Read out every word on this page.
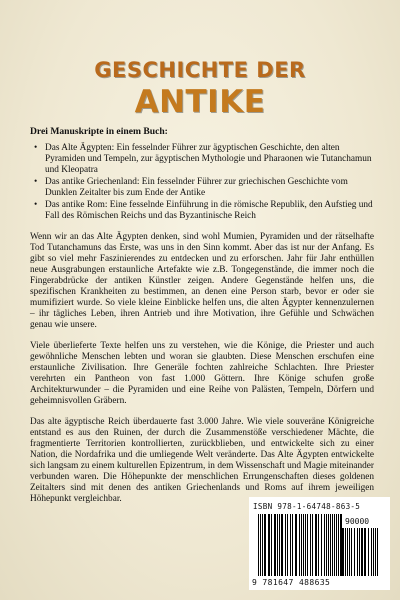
GESCHICHTE DER
ANTIKE

Drei Manuskripte in einem Buch:

• Das Alte Ägypten: Ein fesselnder Führer zur ägyptischen Geschichte, den alten Pyramiden und Tempeln, zur ägyptischen Mythologie und Pharaonen wie Tutanchamun und Kleopatra
• Das antike Griechenland: Ein fesselnder Führer zur griechischen Geschichte vom Dunklen Zeitalter bis zum Ende der Antike
• Das antike Rom: Eine fesselnde Einführung in die römische Republik, den Aufstieg und Fall des Römischen Reichs und das Byzantinische Reich

Wenn wir an das Alte Ägypten denken, sind wohl Mumien, Pyramiden und der rätselhafte Tod Tutanchamuns das Erste, was uns in den Sinn kommt. Aber das ist nur der Anfang. Es gibt so viel mehr Faszinierendes zu entdecken und zu erforschen. Jahr für Jahr enthüllen neue Ausgrabungen erstaunliche Artefakte wie z.B. Tongegenstände, die immer noch die Fingerabdrücke der antiken Künstler zeigen. Andere Gegenstände helfen uns, die spezifischen Krankheiten zu bestimmen, an denen eine Person starb, bevor er oder sie mumifiziert wurde. So viele kleine Einblicke helfen uns, die alten Ägypter kennenzulernen – ihr tägliches Leben, ihren Antrieb und ihre Motivation, ihre Gefühle und Schwächen genau wie unsere.

Viele überlieferte Texte helfen uns zu verstehen, wie die Könige, die Priester und auch gewöhnliche Menschen lebten und woran sie glaubten. Diese Menschen erschufen eine erstaunliche Zivilisation. Ihre Generäle fochten zahlreiche Schlachten. Ihre Priester verehrten ein Pantheon von fast 1.000 Göttern. Ihre Könige schufen große Architekturwunder – die Pyramiden und eine Reihe von Palästen, Tempeln, Dörfern und geheimnisvollen Gräbern.

Das alte ägyptische Reich überdauerte fast 3.000 Jahre. Wie viele souveräne Königreiche entstand es aus den Ruinen, der durch die Zusammenstöße verschiedener Mächte, die fragmentierte Territorien kontrollierten, zurückblieben, und entwickelte sich zu einer Nation, die Nordafrika und die umliegende Welt veränderte. Das Alte Ägypten entwickelte sich langsam zu einem kulturellen Epizentrum, in dem Wissenschaft und Magie miteinander verbunden waren. Die Höhepunkte der menschlichen Errungenschaften dieses goldenen Zeitalters sind mit denen des antiken Griechenlands und Roms auf ihrem jeweiligen Höhepunkt vergleichbar.

ISBN 978-1-64748-863-5
90000
9 781647 488635
